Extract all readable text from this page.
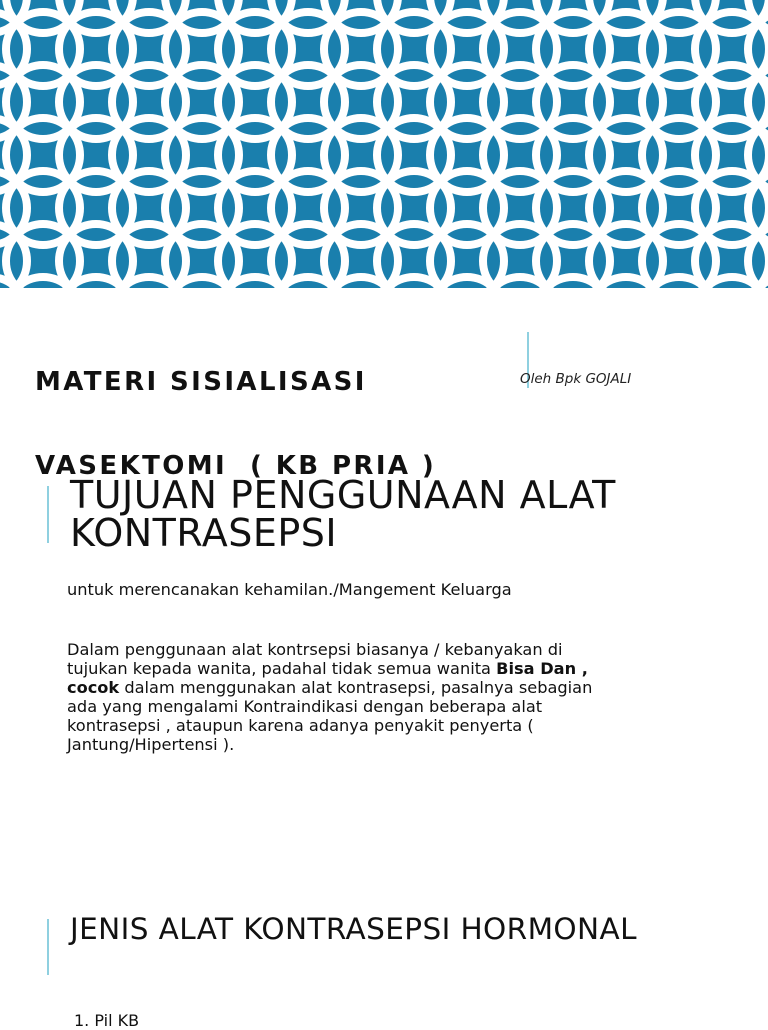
MATERI SISIALISASI

VASEKTOMI  ( KB PRIA )

Oleh Bpk GOJALI
TUJUAN PENGGUNAAN ALAT
KONTRASEPSI

untuk merencanakan kehamilan./Mangement Keluarga

Dalam penggunaan alat kontrsepsi biasanya / kebanyakan di
tujukan kepada wanita, padahal tidak semua wanita Bisa Dan ,
cocok dalam menggunakan alat kontrasepsi, pasalnya sebagian
ada yang mengalami Kontraindikasi dengan beberapa alat
kontrasepsi , ataupun karena adanya penyakit penyerta (
Jantung/Hipertensi ).

JENIS ALAT KONTRASEPSI HORMONAL
1. Pil KB
